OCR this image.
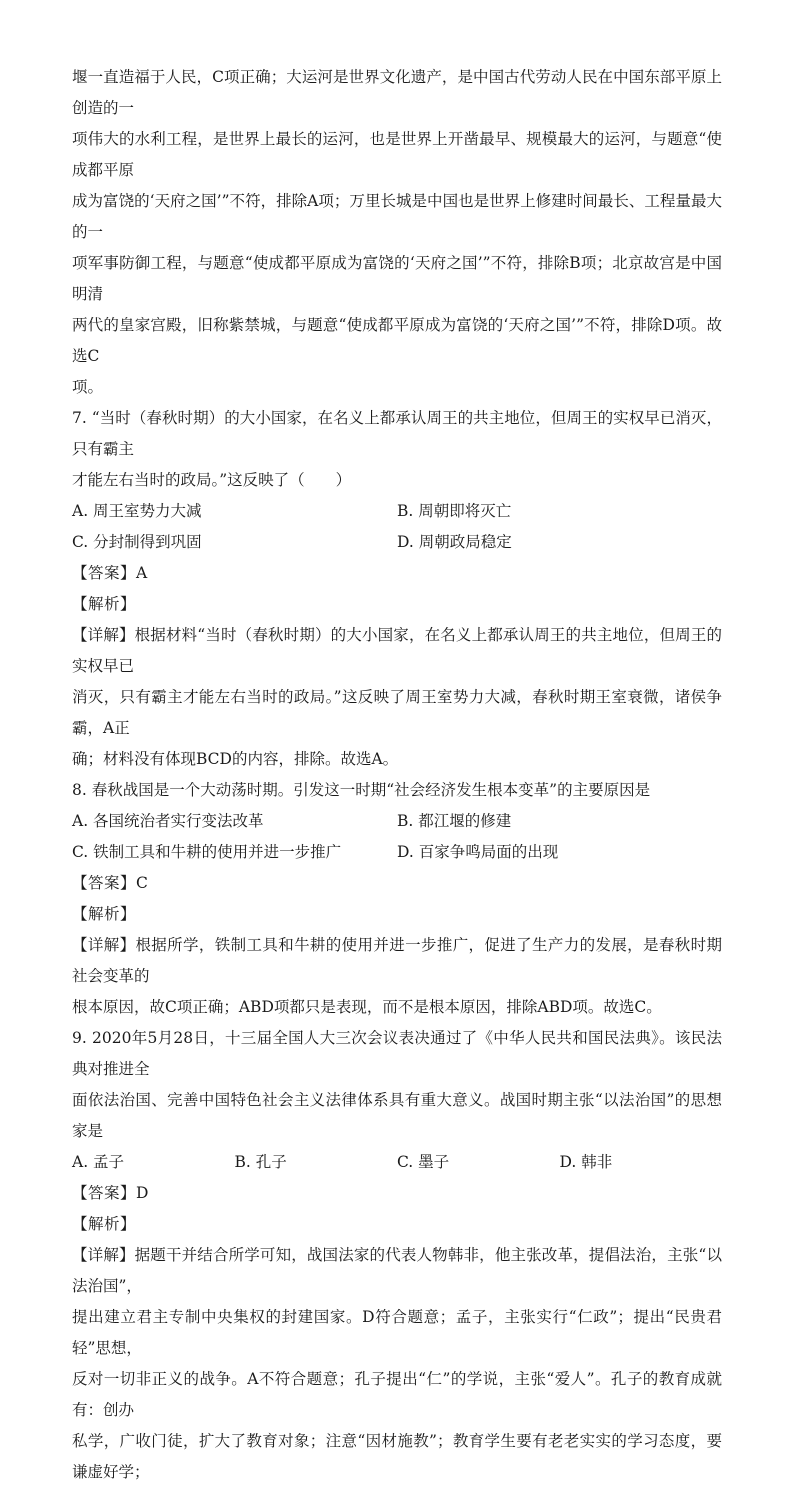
堰一直造福于人民，C项正确；大运河是世界文化遗产，是中国古代劳动人民在中国东部平原上创造的一

项伟大的水利工程，是世界上最长的运河，也是世界上开凿最早、规模最大的运河，与题意“使成都平原

成为富饶的‘天府之国’”不符，排除A项；万里长城是中国也是世界上修建时间最长、工程量最大的一

项军事防御工程，与题意“使成都平原成为富饶的‘天府之国’”不符，排除B项；北京故宫是中国明清

两代的皇家宫殿，旧称紫禁城，与题意“使成都平原成为富饶的‘天府之国’”不符，排除D项。故选C

项。

7. “当时（春秋时期）的大小国家，在名义上都承认周王的共主地位，但周王的实权早已消灭，只有霸主

才能左右当时的政局。”这反映了（　　）

A. 周王室势力大减	B. 周朝即将灭亡
C. 分封制得到巩固	D. 周朝政局稳定

【答案】A

【解析】

【详解】根据材料“当时（春秋时期）的大小国家，在名义上都承认周王的共主地位，但周王的实权早已

消灭，只有霸主才能左右当时的政局。”这反映了周王室势力大减，春秋时期王室衰微，诸侯争霸，A正

确；材料没有体现BCD的内容，排除。故选A。

8. 春秋战国是一个大动荡时期。引发这一时期“社会经济发生根本变革”的主要原因是

A. 各国统治者实行变法改革	B. 都江堰的修建
C. 铁制工具和牛耕的使用并进一步推广	D. 百家争鸣局面的出现

【答案】C

【解析】

【详解】根据所学，铁制工具和牛耕的使用并进一步推广，促进了生产力的发展，是春秋时期社会变革的

根本原因，故C项正确；ABD项都只是表现，而不是根本原因，排除ABD项。故选C。

9. 2020年5月28日，十三届全国人大三次会议表决通过了《中华人民共和国民法典》。该民法典对推进全

面依法治国、完善中国特色社会主义法律体系具有重大意义。战国时期主张“以法治国”的思想家是

A. 孟子	B. 孔子	C. 墨子	D. 韩非

【答案】D

【解析】

【详解】据题干并结合所学可知，战国法家的代表人物韩非，他主张改革，提倡法治，主张“以法治国”，

提出建立君主专制中央集权的封建国家。D符合题意；孟子，主张实行“仁政”；提出“民贵君轻”思想，

反对一切非正义的战争。A不符合题意；孔子提出“仁”的学说，主张“爱人”。孔子的教育成就有：创办

私学，广收门徒，扩大了教育对象；注意“因材施教”；教育学生要有老老实实的学习态度，要谦虚好学；
